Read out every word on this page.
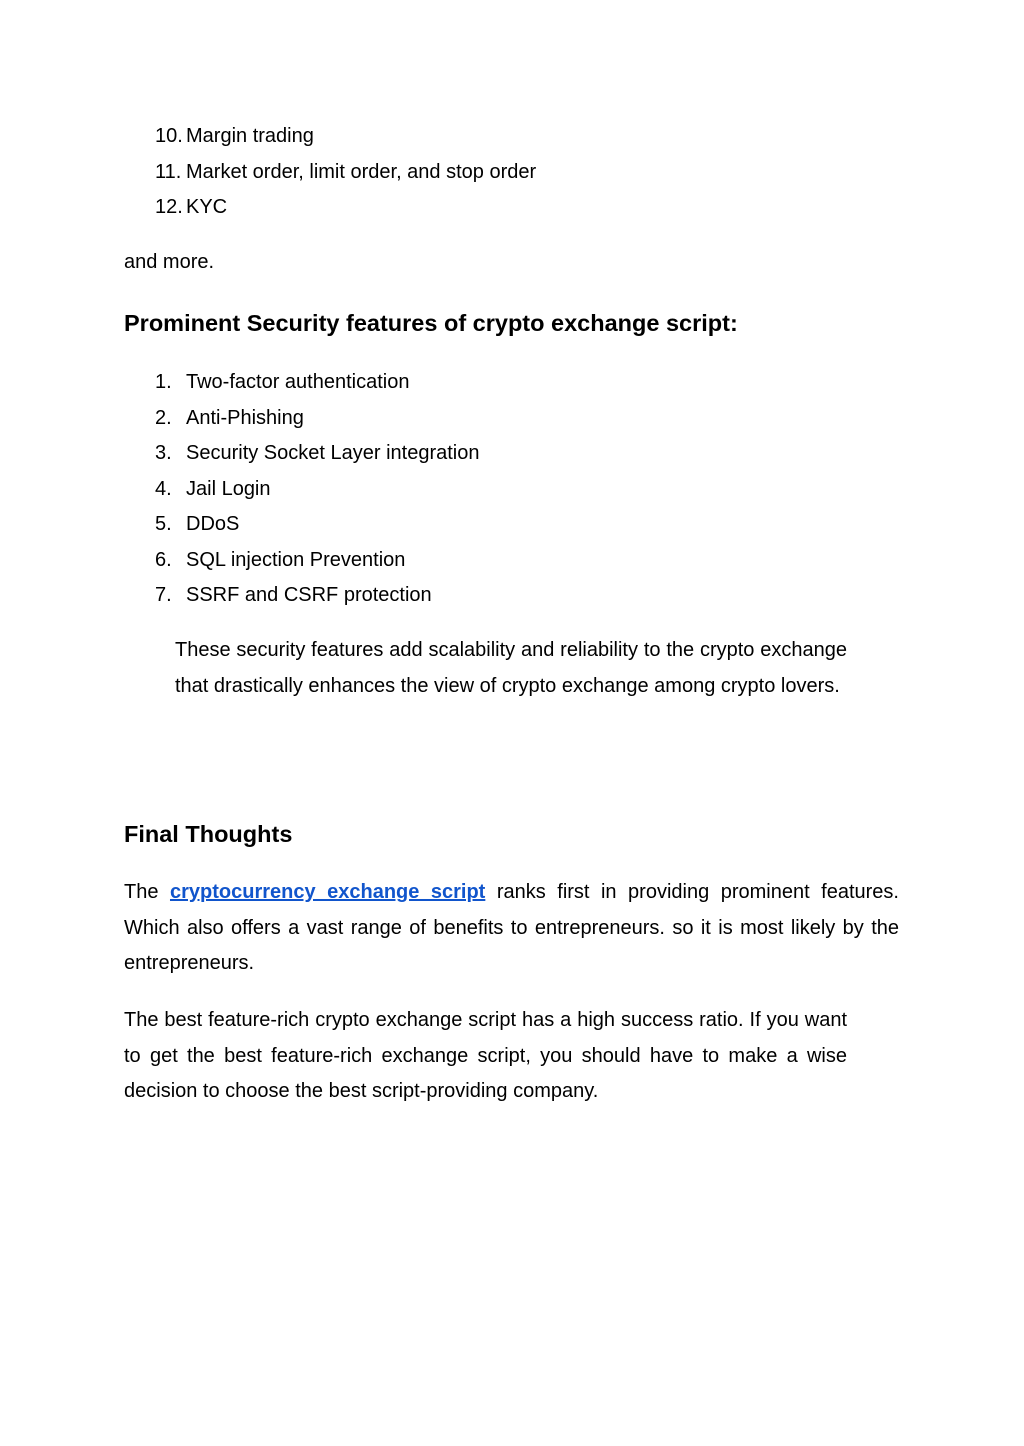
10. Margin trading
11. Market order, limit order, and stop order
12. KYC

and more.

Prominent Security features of crypto exchange script:
1. Two-factor authentication
2. Anti-Phishing
3. Security Socket Layer integration
4. Jail Login
5. DDoS
6. SQL injection Prevention
7. SSRF and CSRF protection

These security features add scalability and reliability to the crypto exchange that drastically enhances the view of crypto exchange among crypto lovers.

Final Thoughts

The cryptocurrency exchange script ranks first in providing prominent features. Which also offers a vast range of benefits to entrepreneurs. so it is most likely by the entrepreneurs.

The best feature-rich crypto exchange script has a high success ratio. If you want to get the best feature-rich exchange script, you should have to make a wise decision to choose the best script-providing company.
